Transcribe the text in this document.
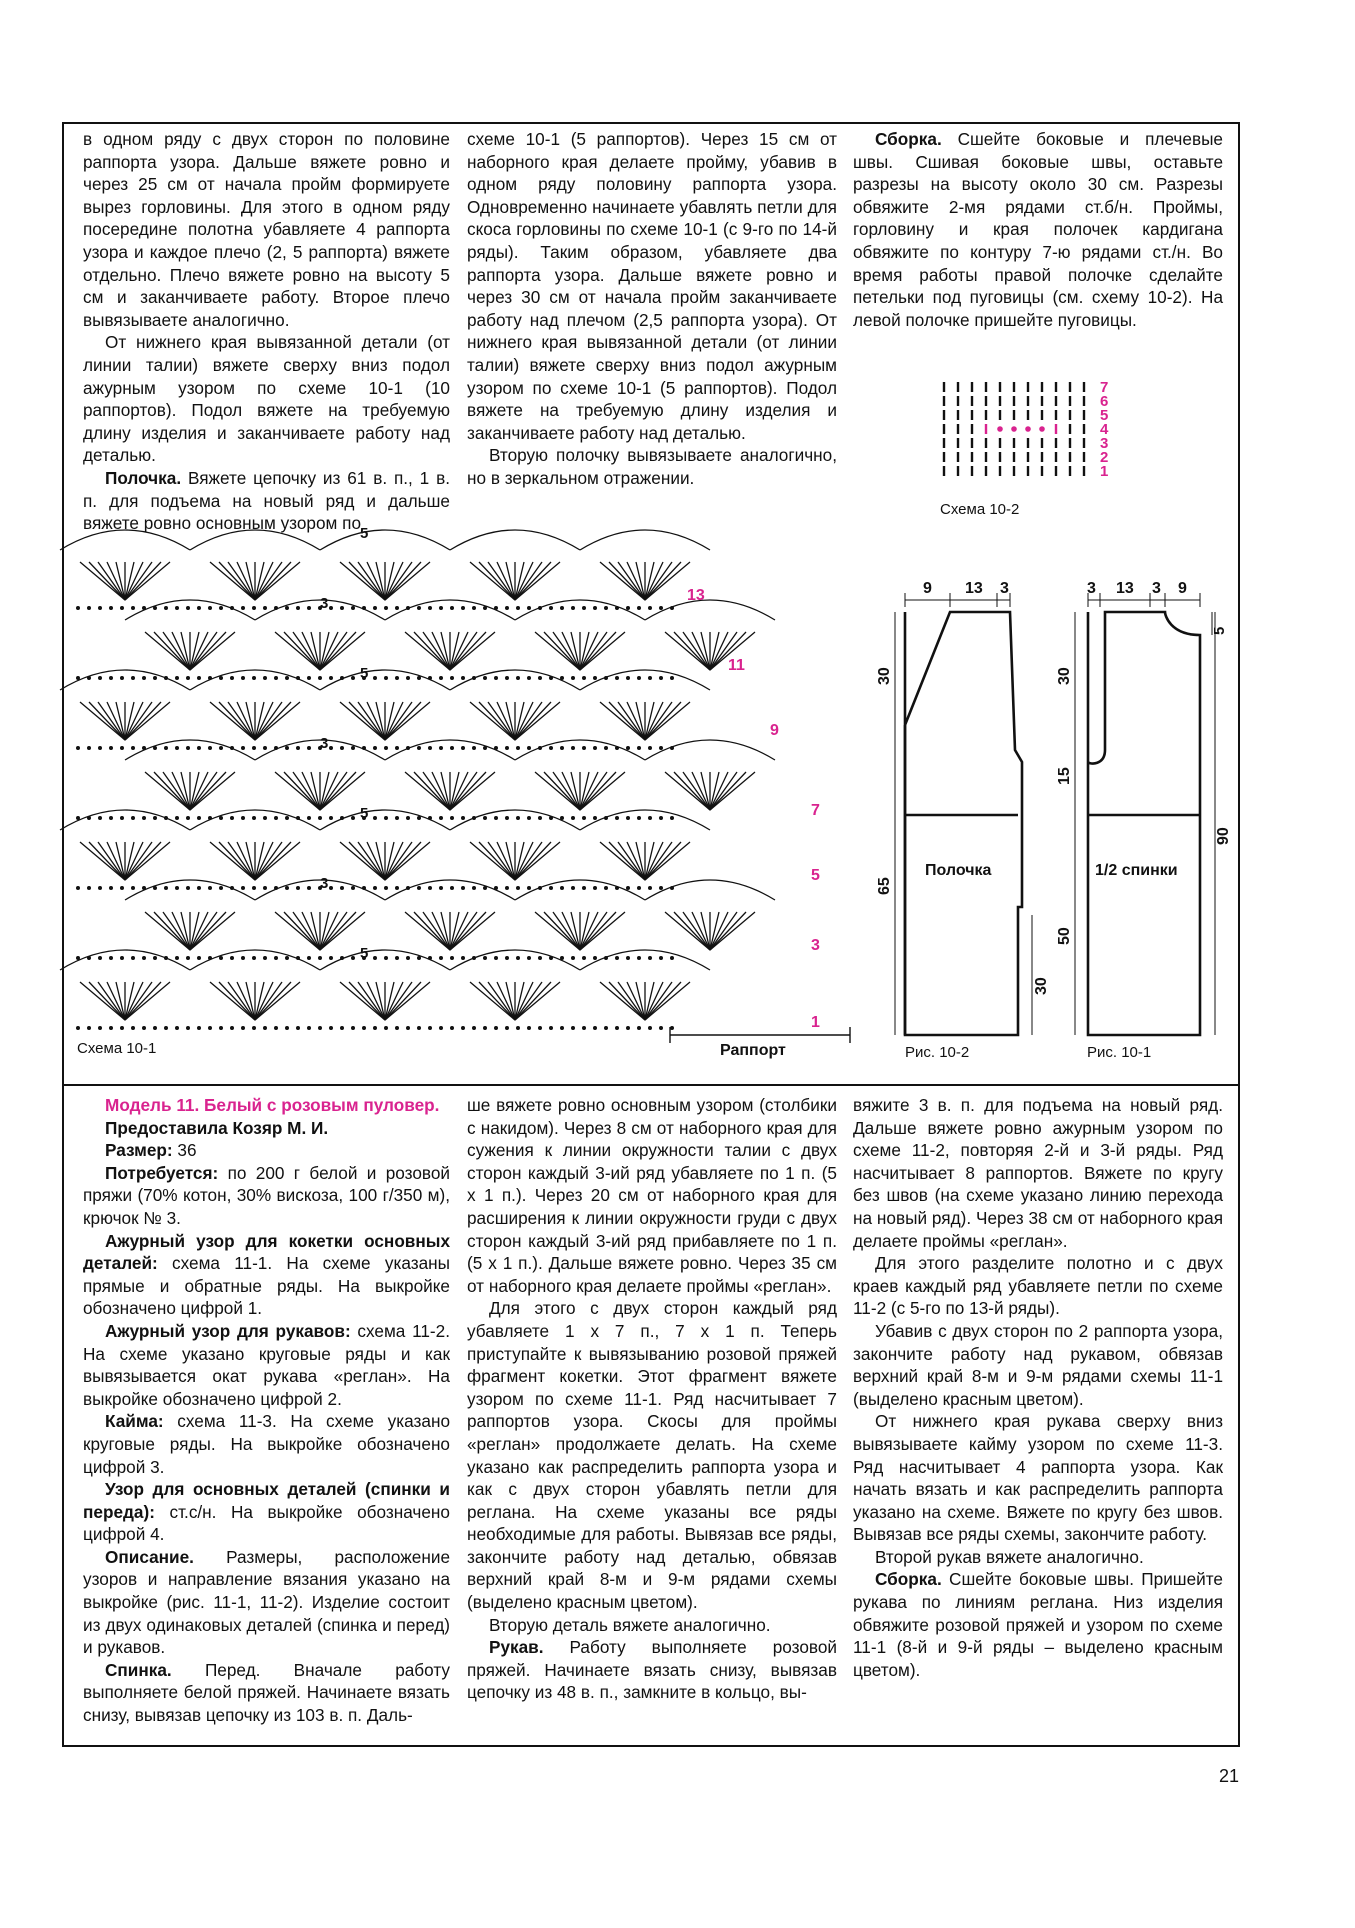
в одном ряду с двух сторон по половине раппорта узора. Дальше вяжете ровно и через 25 см от начала пройм формируете вырез горловины. Для этого в одном ряду посередине полотна убавляете 4 раппорта узора и каждое плечо (2, 5 раппорта) вяжете отдельно. Плечо вяжете ровно на высоту 5 см и заканчиваете работу. Второе плечо вывязываете аналогично.

От нижнего края вывязанной детали (от линии талии) вяжете сверху вниз подол ажурным узором по схеме 10-1 (10 раппортов). Подол вяжете на требуемую длину изделия и заканчиваете работу над деталью.

Полочка. Вяжете цепочку из 61 в. п., 1 в. п. для подъема на новый ряд и дальше вяжете ровно основным узором по

схеме 10-1 (5 раппортов). Через 15 см от наборного края делаете пройму, убавив в одном ряду половину раппорта узора. Одновременно начинаете убавлять петли для скоса горловины по схеме 10-1 (с 9-го по 14-й ряды). Таким образом, убавляете два раппорта узора. Дальше вяжете ровно и через 30 см от начала пройм заканчиваете работу над плечом (2,5 раппорта узора). От нижнего края вывязанной детали (от линии талии) вяжете сверху вниз подол ажурным узором по схеме 10-1 (5 раппортов). Подол вяжете на требуемую длину изделия и заканчиваете работу над деталью.

Вторую полочку вывязываете аналогично, но в зеркальном отражении.

Сборка. Сшейте боковые и плечевые швы. Сшивая боковые швы, оставьте разрезы на высоту около 30 см. Разрезы обвяжите 2-мя рядами ст.б/н. Проймы, горловину и края полочек кардигана обвяжите по контуру 7-ю рядами ст./н. Во время работы правой полочке сделайте петельки под пуговицы (см. схему 10-2). На левой полочке пришейте пуговицы.

7
6
5
4
3
2
1
Схема 10-2
5
3
5
3
5
3
5
13
11
9
7
5
3
1
Раппорт
Схема 10-1
9 13 3	3 13 3 9
5
30	30
15
65
50
30
90
Полочка	1/2 спинки
Рис. 10-2	Рис. 10-1

Модель 11. Белый с розовым пуловер.

Предоставила Козяр М. И.

Размер: 36

Потребуется: по 200 г белой и розовой пряжи (70% котон, 30% вискоза, 100 г/350 м), крючок № 3.

Ажурный узор для кокетки основных деталей: схема 11-1. На схеме указаны прямые и обратные ряды. На выкройке обозначено цифрой 1.

Ажурный узор для рукавов: схема 11-2. На схеме указано круговые ряды и как вывязывается окат рукава «реглан». На выкройке обозначено цифрой 2.

Кайма: схема 11-3. На схеме указано круговые ряды. На выкройке обозначено цифрой 3.

Узор для основных деталей (спинки и переда): ст.с/н. На выкройке обозначено цифрой 4.

Описание. Размеры, расположение узоров и направление вязания указано на выкройке (рис. 11-1, 11-2). Изделие состоит из двух одинаковых деталей (спинка и перед) и рукавов.

Спинка. Перед. Вначале работу выполняете белой пряжей. Начинаете вязать снизу, вывязав цепочку из 103 в. п. Даль-

ше вяжете ровно основным узором (столбики с накидом). Через 8 см от наборного края для сужения к линии окружности талии с двух сторон каждый 3-ий ряд убавляете по 1 п. (5 х 1 п.). Через 20 см от наборного края для расширения к линии окружности груди с двух сторон каждый 3-ий ряд прибавляете по 1 п. (5 х 1 п.). Дальше вяжете ровно. Через 35 см от наборного края делаете проймы «реглан».

Для этого с двух сторон каждый ряд убавляете 1 х 7 п., 7 х 1 п. Теперь приступайте к вывязыванию розовой пряжей фрагмент кокетки. Этот фрагмент вяжете узором по схеме 11-1. Ряд насчитывает 7 раппортов узора. Скосы для проймы «реглан» продолжаете делать. На схеме указано как распределить раппорта узора и как с двух сторон убавлять петли для реглана. На схеме указаны все ряды необходимые для работы. Вывязав все ряды, закончите работу над деталью, обвязав верхний край 8-м и 9-м рядами схемы (выделено красным цветом).

Вторую деталь вяжете аналогично.

Рукав. Работу выполняете розовой пряжей. Начинаете вязать снизу, вывязав цепочку из 48 в. п., замкните в кольцо, вы-

вяжите 3 в. п. для подъема на новый ряд. Дальше вяжете ровно ажурным узором по схеме 11-2, повторяя 2-й и 3-й ряды. Ряд насчитывает 8 раппортов. Вяжете по кругу без швов (на схеме указано линию перехода на новый ряд). Через 38 см от наборного края делаете проймы «реглан».

Для этого разделите полотно и с двух краев каждый ряд убавляете петли по схеме 11-2 (с 5-го по 13-й ряды).

Убавив с двух сторон по 2 раппорта узора, закончите работу над рукавом, обвязав верхний край 8-м и 9-м рядами схемы 11-1 (выделено красным цветом).

От нижнего края рукава сверху вниз вывязываете кайму узором по схеме 11-3. Ряд насчитывает 4 раппорта узора. Как начать вязать и как распределить раппорта указано на схеме. Вяжете по кругу без швов. Вывязав все ряды схемы, закончите работу.

Второй рукав вяжете аналогично.

Сборка. Сшейте боковые швы. Пришейте рукава по линиям реглана. Низ изделия обвяжите розовой пряжей и узором по схеме 11-1 (8-й и 9-й ряды – выделено красным цветом).

21
